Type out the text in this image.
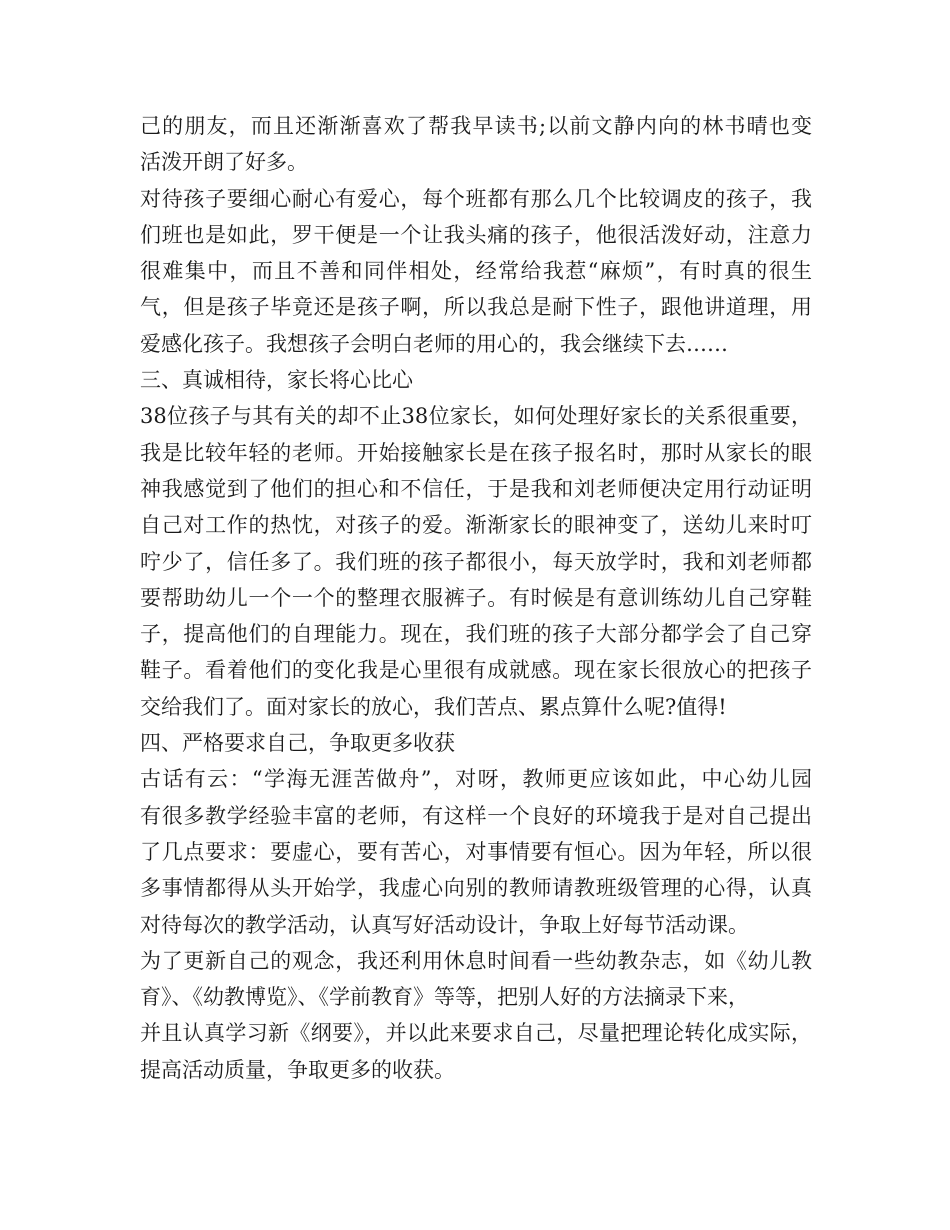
己的朋友，而且还渐渐喜欢了帮我早读书;以前文静内向的林书晴也变
活泼开朗了好多。
对待孩子要细心耐心有爱心，每个班都有那么几个比较调皮的孩子，我
们班也是如此，罗干便是一个让我头痛的孩子，他很活泼好动，注意力
很难集中，而且不善和同伴相处，经常给我惹“麻烦”，有时真的很生
气，但是孩子毕竟还是孩子啊，所以我总是耐下性子，跟他讲道理，用
爱感化孩子。我想孩子会明白老师的用心的，我会继续下去……
三、真诚相待，家长将心比心
38位孩子与其有关的却不止38位家长，如何处理好家长的关系很重要，
我是比较年轻的老师。开始接触家长是在孩子报名时，那时从家长的眼
神我感觉到了他们的担心和不信任，于是我和刘老师便决定用行动证明
自己对工作的热忱，对孩子的爱。渐渐家长的眼神变了，送幼儿来时叮
咛少了，信任多了。我们班的孩子都很小，每天放学时，我和刘老师都
要帮助幼儿一个一个的整理衣服裤子。有时候是有意训练幼儿自己穿鞋
子，提高他们的自理能力。现在，我们班的孩子大部分都学会了自己穿
鞋子。看着他们的变化我是心里很有成就感。现在家长很放心的把孩子
交给我们了。面对家长的放心，我们苦点、累点算什么呢?值得!
四、严格要求自己，争取更多收获
古话有云：“学海无涯苦做舟”，对呀，教师更应该如此，中心幼儿园
有很多教学经验丰富的老师，有这样一个良好的环境我于是对自己提出
了几点要求：要虚心，要有苦心，对事情要有恒心。因为年轻，所以很
多事情都得从头开始学，我虚心向别的教师请教班级管理的心得，认真
对待每次的教学活动，认真写好活动设计，争取上好每节活动课。
为了更新自己的观念，我还利用休息时间看一些幼教杂志，如《幼儿教
育》、《幼教博览》、《学前教育》等等，把别人好的方法摘录下来，
并且认真学习新《纲要》，并以此来要求自己，尽量把理论转化成实际，
提高活动质量，争取更多的收获。
